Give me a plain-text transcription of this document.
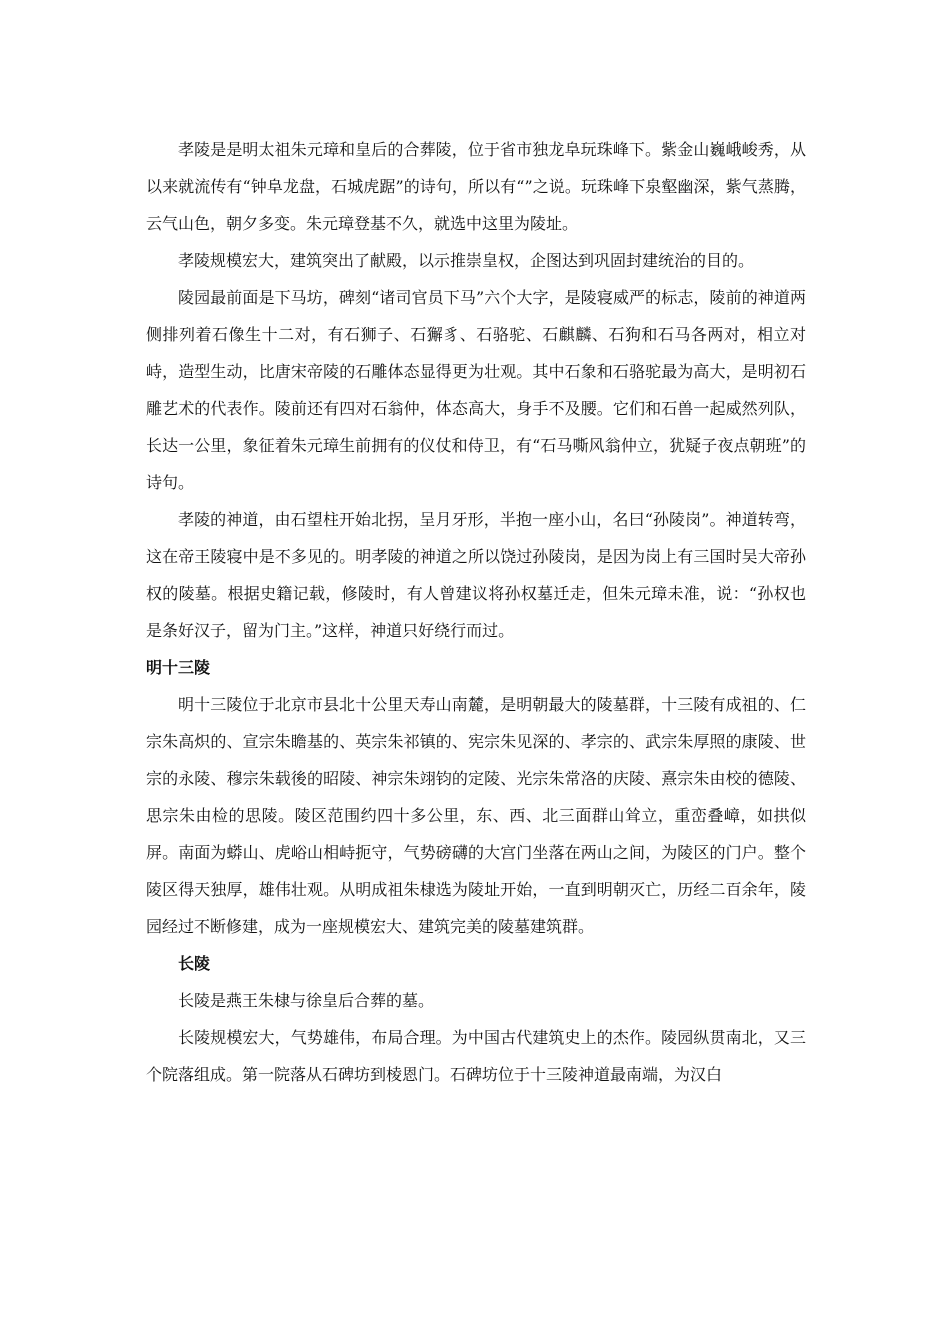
孝陵是是明太祖朱元璋和皇后的合葬陵，位于省市独龙阜玩珠峰下。紫金山巍峨峻秀，从以来就流传有“钟阜龙盘，石城虎踞”的诗句，所以有“”之说。玩珠峰下泉壑幽深，紫气蒸腾，云气山色，朝夕多变。朱元璋登基不久，就选中这里为陵址。

孝陵规模宏大，建筑突出了献殿，以示推崇皇权，企图达到巩固封建统治的目的。

陵园最前面是下马坊，碑刻“诸司官员下马”六个大字，是陵寝威严的标志，陵前的神道两侧排列着石像生十二对，有石狮子、石獬豸、石骆驼、石麒麟、石狗和石马各两对，相立对峙，造型生动，比唐宋帝陵的石雕体态显得更为壮观。其中石象和石骆驼最为高大，是明初石雕艺术的代表作。陵前还有四对石翁仲，体态高大，身手不及腰。它们和石兽一起威然列队，长达一公里，象征着朱元璋生前拥有的仪仗和侍卫，有“石马嘶风翁仲立，犹疑子夜点朝班”的诗句。

孝陵的神道，由石望柱开始北拐，呈月牙形，半抱一座小山，名曰“孙陵岗”。神道转弯，这在帝王陵寝中是不多见的。明孝陵的神道之所以饶过孙陵岗，是因为岗上有三国时吴大帝孙权的陵墓。根据史籍记载，修陵时，有人曾建议将孙权墓迁走，但朱元璋未准，说：“孙权也是条好汉子，留为门主。”这样，神道只好绕行而过。

明十三陵

明十三陵位于北京市县北十公里天寿山南麓，是明朝最大的陵墓群，十三陵有成祖的、仁宗朱高炽的、宣宗朱瞻基的、英宗朱祁镇的、宪宗朱见深的、孝宗的、武宗朱厚照的康陵、世宗的永陵、穆宗朱载後的昭陵、神宗朱翊钧的定陵、光宗朱常洛的庆陵、熹宗朱由校的德陵、思宗朱由检的思陵。陵区范围约四十多公里，东、西、北三面群山耸立，重峦叠嶂，如拱似屏。南面为蟒山、虎峪山相峙扼守，气势磅礴的大宫门坐落在两山之间，为陵区的门户。整个陵区得天独厚，雄伟壮观。从明成祖朱棣选为陵址开始，一直到明朝灭亡，历经二百余年，陵园经过不断修建，成为一座规模宏大、建筑完美的陵墓建筑群。

长陵

长陵是燕王朱棣与徐皇后合葬的墓。

长陵规模宏大，气势雄伟，布局合理。为中国古代建筑史上的杰作。陵园纵贯南北，又三个院落组成。第一院落从石碑坊到棱恩门。石碑坊位于十三陵神道最南端，为汉白
